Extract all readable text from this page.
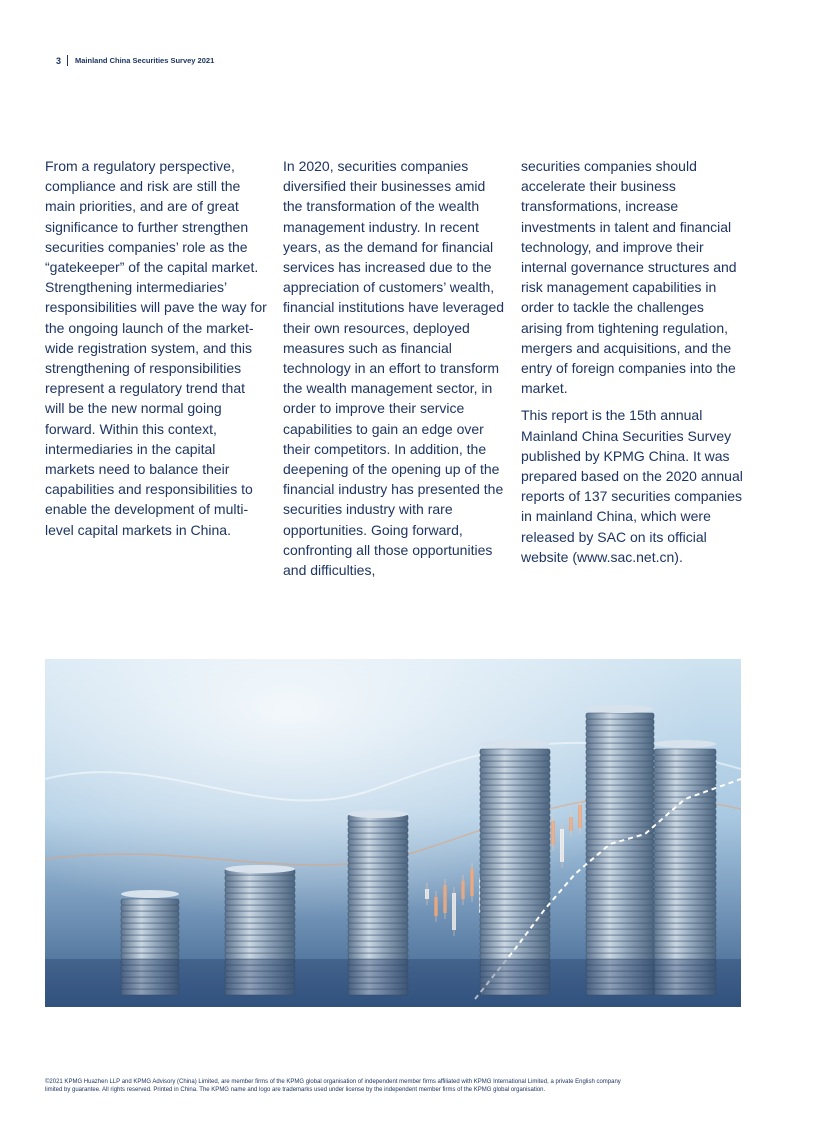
3 Mainland China Securities Survey 2021

From a regulatory perspective, compliance and risk are still the main priorities, and are of great significance to further strengthen securities companies’ role as the “gatekeeper” of the capital market. Strengthening intermediaries’ responsibilities will pave the way for the ongoing launch of the market-wide registration system, and this strengthening of responsibilities represent a regulatory trend that will be the new normal going forward. Within this context, intermediaries in the capital markets need to balance their capabilities and responsibilities to enable the development of multi-level capital markets in China.

In 2020, securities companies diversified their businesses amid the transformation of the wealth management industry. In recent years, as the demand for financial services has increased due to the appreciation of customers’ wealth, financial institutions have leveraged their own resources, deployed measures such as financial technology in an effort to transform the wealth management sector, in order to improve their service capabilities to gain an edge over their competitors. In addition, the deepening of the opening up of the financial industry has presented the securities industry with rare opportunities. Going forward, confronting all those opportunities and difficulties,

securities companies should accelerate their business transformations, increase investments in talent and financial technology, and improve their internal governance structures and risk management capabilities in order to tackle the challenges arising from tightening regulation, mergers and acquisitions, and the entry of foreign companies into the market.

This report is the 15th annual Mainland China Securities Survey published by KPMG China. It was prepared based on the 2020 annual reports of 137 securities companies in mainland China, which were released by SAC on its official website (www.sac.net.cn).

©2021 KPMG Huazhen LLP and KPMG Advisory (China) Limited, are member firms of the KPMG global organisation of independent member firms affiliated with KPMG International Limited, a private English company

limited by guarantee. All rights reserved. Printed in China. The KPMG name and logo are trademarks used under license by the independent member firms of the KPMG global organisation.
